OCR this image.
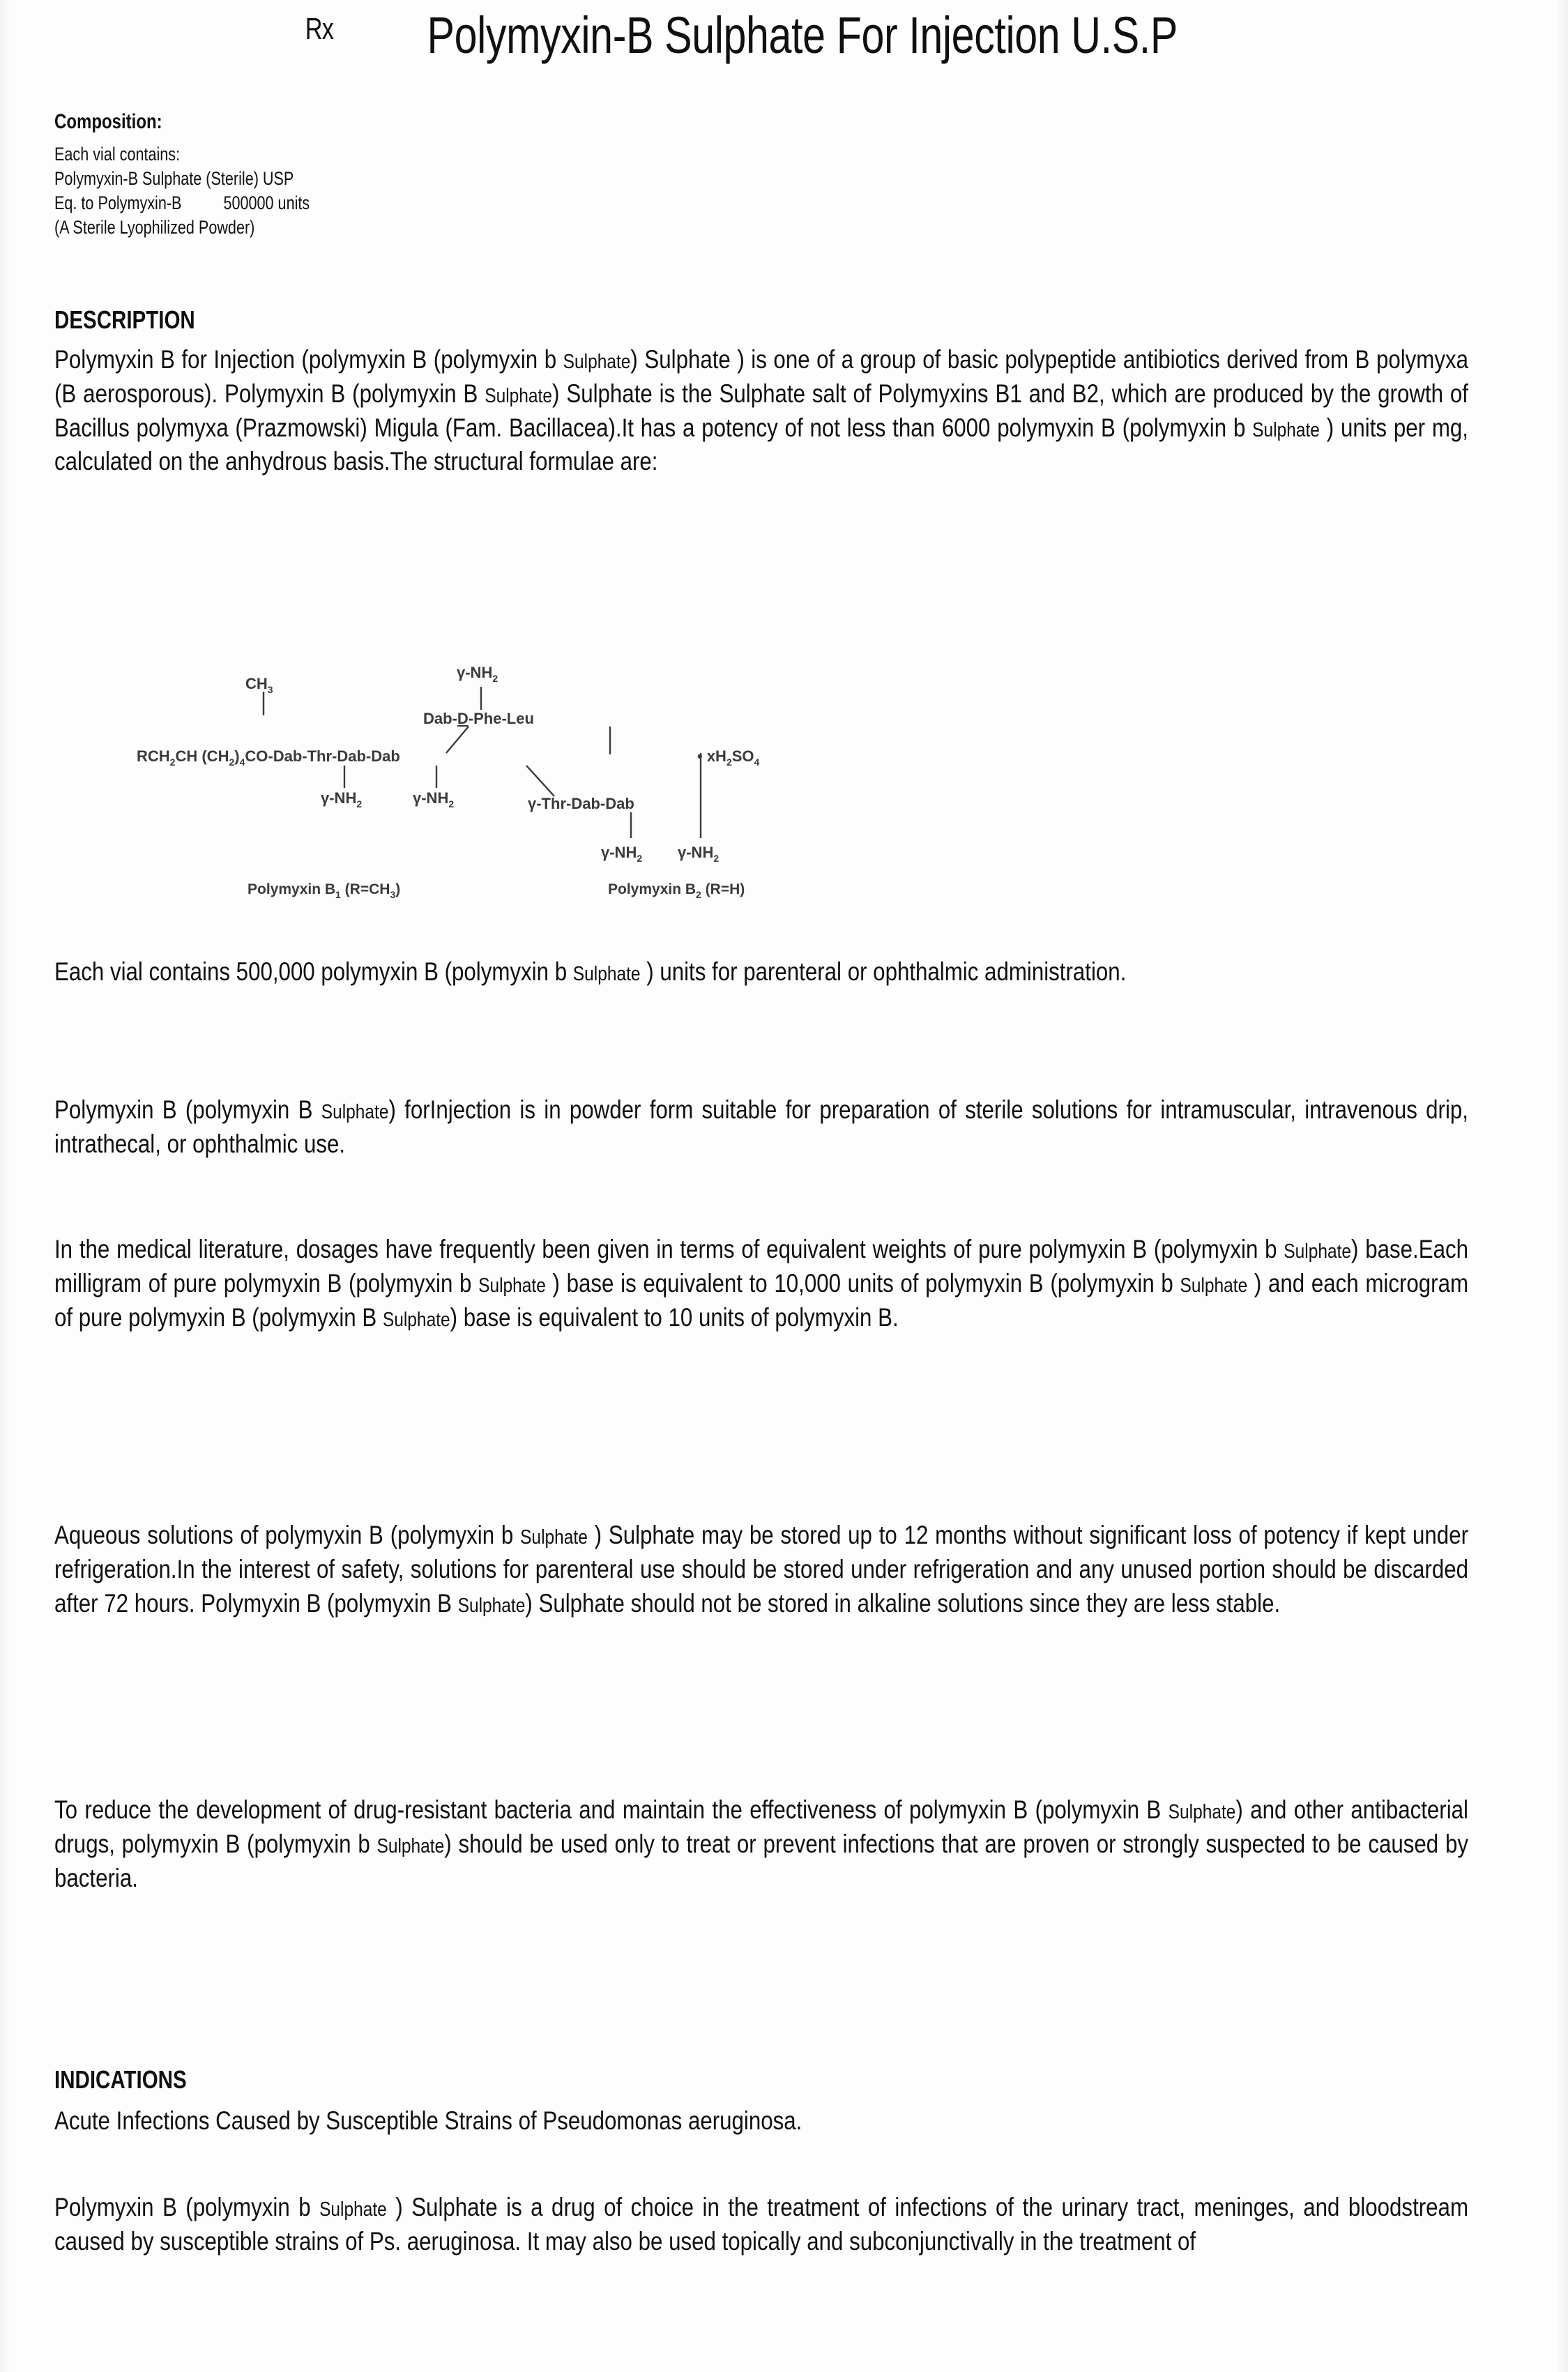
Rx Polymyxin-B Sulphate For Injection U.S.P
Composition:
Each vial contains:
Polymyxin-B Sulphate (Sterile) USP
Eq. to Polymyxin-B          500000 units
(A Sterile Lyophilized Powder)
DESCRIPTION
Polymyxin B for Injection (polymyxin B (polymyxin b Sulphate) Sulphate ) is one of a group of basic polypeptide antibiotics derived from B polymyxa (B aerosporous). Polymyxin B (polymyxin B Sulphate) Sulphate is the Sulphate salt of Polymyxins B1 and B2, which are produced by the growth of Bacillus polymyxa (Prazmowski) Migula (Fam. Bacillacea).It has a potency of not less than 6000 polymyxin B (polymyxin b Sulphate ) units per mg, calculated on the anhydrous basis.The structural formulae are:
$\gamma-NH_2$
Dab-D-Phe-Leu
$CH_3$
$RCH_2CH$ $(CH_2)_4CO-Dab-Thr-Dab$-Dab
$\gamma-NH_2$	$\gamma-NH_2$	γ-Thr-Dab-Dab
$\gamma-NH_2$ $\gamma-NH_2$
• $xH_2SO_4$
Polymyxin $B_1$ $(R=CH_3)$	Polymyxin $B_2$ (R=H)
Each vial contains 500,000 polymyxin B (polymyxin b Sulphate ) units for parenteral or ophthalmic administration.
Polymyxin B (polymyxin B Sulphate) forInjection is in powder form suitable for preparation of sterile solutions for intramuscular, intravenous drip, intrathecal, or ophthalmic use.
In the medical literature, dosages have frequently been given in terms of equivalent weights of pure polymyxin B (polymyxin b Sulphate) base.Each milligram of pure polymyxin B (polymyxin b Sulphate ) base is equivalent to 10,000 units of polymyxin B (polymyxin b Sulphate ) and each microgram of pure polymyxin B (polymyxin B Sulphate) base is equivalent to 10 units of polymyxin B.
Aqueous solutions of polymyxin B (polymyxin b Sulphate ) Sulphate may be stored up to 12 months without significant loss of potency if kept under refrigeration.In the interest of safety, solutions for parenteral use should be stored under refrigeration and any unused portion should be discarded after 72 hours. Polymyxin B (polymyxin B Sulphate) Sulphate should not be stored in alkaline solutions since they are less stable.
To reduce the development of drug-resistant bacteria and maintain the effectiveness of polymyxin B (polymyxin B Sulphate) and other antibacterial drugs, polymyxin B (polymyxin b Sulphate) should be used only to treat or prevent infections that are proven or strongly suspected to be caused by bacteria.
INDICATIONS
Acute Infections Caused by Susceptible Strains of Pseudomonas aeruginosa.
Polymyxin B (polymyxin b Sulphate ) Sulphate is a drug of choice in the treatment of infections of the urinary tract, meninges, and bloodstream caused by susceptible strains of Ps. aeruginosa. It may also be used topically and subconjunctivally in the treatment of
